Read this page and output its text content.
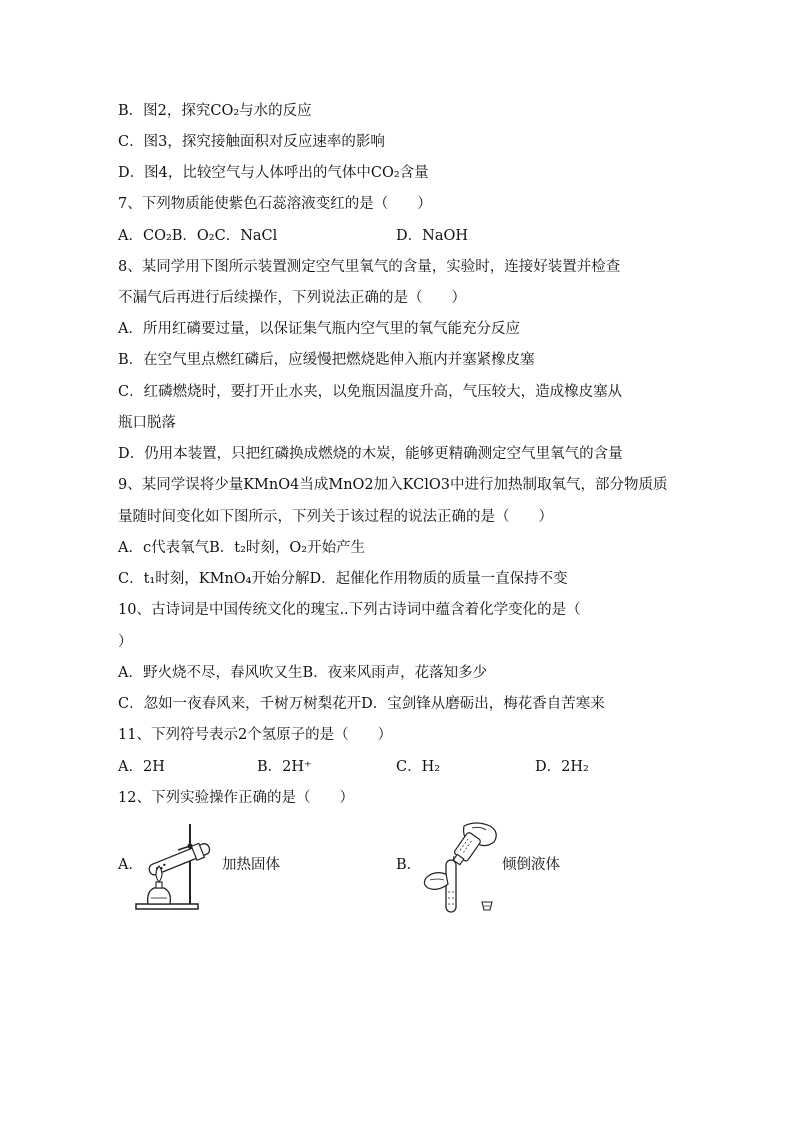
B．图2，探究CO₂与水的反应
C．图3，探究接触面积对反应速率的影响
D．图4，比较空气与人体呼出的气体中CO₂含量
7、下列物质能使紫色石蕊溶液变红的是（　　）
A．CO₂B．O₂C．NaCl	D．NaOH
8、某同学用下图所示装置测定空气里氧气的含量，实验时，连接好装置并检查
不漏气后再进行后续操作，下列说法正确的是（　　）
A．所用红磷要过量，以保证集气瓶内空气里的氧气能充分反应
B．在空气里点燃红磷后，应缓慢把燃烧匙伸入瓶内并塞紧橡皮塞
C．红磷燃烧时，要打开止水夹，以免瓶因温度升高，气压较大，造成橡皮塞从
瓶口脱落
D．仍用本装置，只把红磷换成燃烧的木炭，能够更精确测定空气里氧气的含量
9、某同学误将少量KMnO4当成MnO2加入KClO3中进行加热制取氧气，部分物质质
量随时间变化如下图所示，下列关于该过程的说法正确的是（　　）
A．c代表氧气B．t₂时刻，O₂开始产生
C．t₁时刻，KMnO₄开始分解D．起催化作用物质的质量一直保持不变
10、古诗词是中国传统文化的瑰宝..下列古诗词中蕴含着化学变化的是（
）
A．野火烧不尽，春风吹又生B．夜来风雨声，花落知多少
C．忽如一夜春风来，千树万树梨花开D．宝剑锋从磨砺出，梅花香自苦寒来
11、下列符号表示2个氢原子的是（　　）
A．2H	B．2H⁺	C．H₂	D．2H₂
12、下列实验操作正确的是（　　）
A．	加热固体	B．	倾倒液体
